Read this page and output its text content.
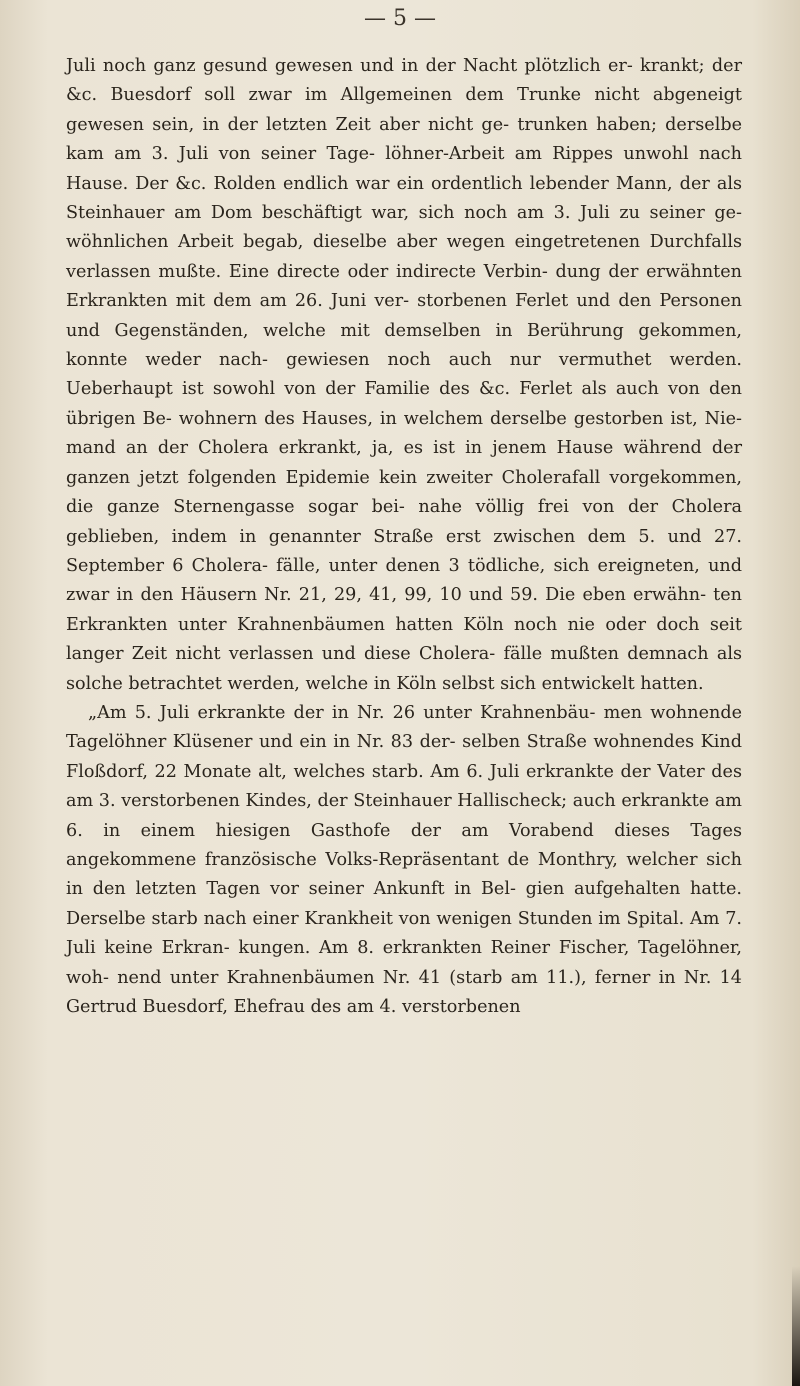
— 5 —

Juli noch ganz gesund gewesen und in der Nacht plötzlich er- krankt; der &c. Buesdorf soll zwar im Allgemeinen dem Trunke nicht abgeneigt gewesen sein, in der letzten Zeit aber nicht ge- trunken haben; derselbe kam am 3. Juli von seiner Tage- löhner-Arbeit am Rippes unwohl nach Hause. Der &c. Rolden endlich war ein ordentlich lebender Mann, der als Steinhauer am Dom beschäftigt war, sich noch am 3. Juli zu seiner ge- wöhnlichen Arbeit begab, dieselbe aber wegen eingetretenen Durchfalls verlassen mußte. Eine directe oder indirecte Verbin- dung der erwähnten Erkrankten mit dem am 26. Juni ver- storbenen Ferlet und den Personen und Gegenständen, welche mit demselben in Berührung gekommen, konnte weder nach- gewiesen noch auch nur vermuthet werden. Ueberhaupt ist sowohl von der Familie des &c. Ferlet als auch von den übrigen Be- wohnern des Hauses, in welchem derselbe gestorben ist, Nie- mand an der Cholera erkrankt, ja, es ist in jenem Hause während der ganzen jetzt folgenden Epidemie kein zweiter Cholerafall vorgekommen, die ganze Sternengasse sogar bei- nahe völlig frei von der Cholera geblieben, indem in genannter Straße erst zwischen dem 5. und 27. September 6 Cholera- fälle, unter denen 3 tödliche, sich ereigneten, und zwar in den Häusern Nr. 21, 29, 41, 99, 10 und 59. Die eben erwähn- ten Erkrankten unter Krahnenbäumen hatten Köln noch nie oder doch seit langer Zeit nicht verlassen und diese Cholera- fälle mußten demnach als solche betrachtet werden, welche in Köln selbst sich entwickelt hatten.

„Am 5. Juli erkrankte der in Nr. 26 unter Krahnenbäu- men wohnende Tagelöhner Klüsener und ein in Nr. 83 der- selben Straße wohnendes Kind Floßdorf, 22 Monate alt, welches starb. Am 6. Juli erkrankte der Vater des am 3. verstorbenen Kindes, der Steinhauer Hallischeck; auch erkrankte am 6. in einem hiesigen Gasthofe der am Vorabend dieses Tages angekommene französische Volks-Repräsentant de Monthry, welcher sich in den letzten Tagen vor seiner Ankunft in Bel- gien aufgehalten hatte. Derselbe starb nach einer Krankheit von wenigen Stunden im Spital. Am 7. Juli keine Erkran- kungen. Am 8. erkrankten Reiner Fischer, Tagelöhner, woh- nend unter Krahnenbäumen Nr. 41 (starb am 11.), ferner in Nr. 14 Gertrud Buesdorf, Ehefrau des am 4. verstorbenen
